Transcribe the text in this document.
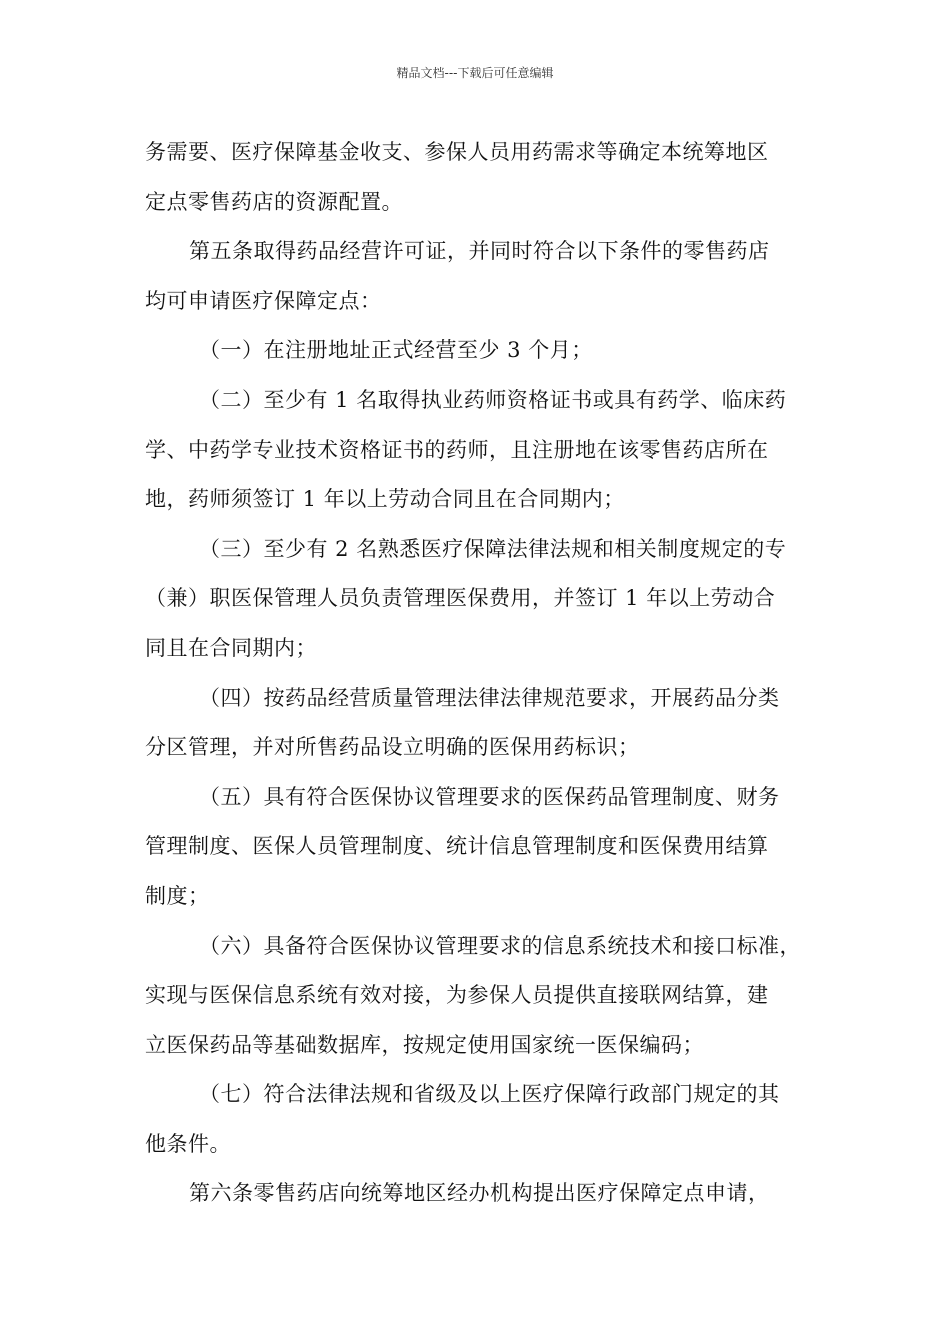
精品文档---下载后可任意编辑
务需要、医疗保障基金收支、参保人员用药需求等确定本统筹地区
定点零售药店的资源配置。
第五条取得药品经营许可证，并同时符合以下条件的零售药店
均可申请医疗保障定点：
（一）在注册地址正式经营至少 3 个月；
（二）至少有 1 名取得执业药师资格证书或具有药学、临床药
学、中药学专业技术资格证书的药师，且注册地在该零售药店所在
地，药师须签订 1 年以上劳动合同且在合同期内；
（三）至少有 2 名熟悉医疗保障法律法规和相关制度规定的专
（兼）职医保管理人员负责管理医保费用，并签订 1 年以上劳动合
同且在合同期内；
（四）按药品经营质量管理法律法律规范要求，开展药品分类
分区管理，并对所售药品设立明确的医保用药标识；
（五）具有符合医保协议管理要求的医保药品管理制度、财务
管理制度、医保人员管理制度、统计信息管理制度和医保费用结算
制度；
（六）具备符合医保协议管理要求的信息系统技术和接口标准，
实现与医保信息系统有效对接，为参保人员提供直接联网结算，建
立医保药品等基础数据库，按规定使用国家统一医保编码；
（七）符合法律法规和省级及以上医疗保障行政部门规定的其
他条件。
第六条零售药店向统筹地区经办机构提出医疗保障定点申请，
